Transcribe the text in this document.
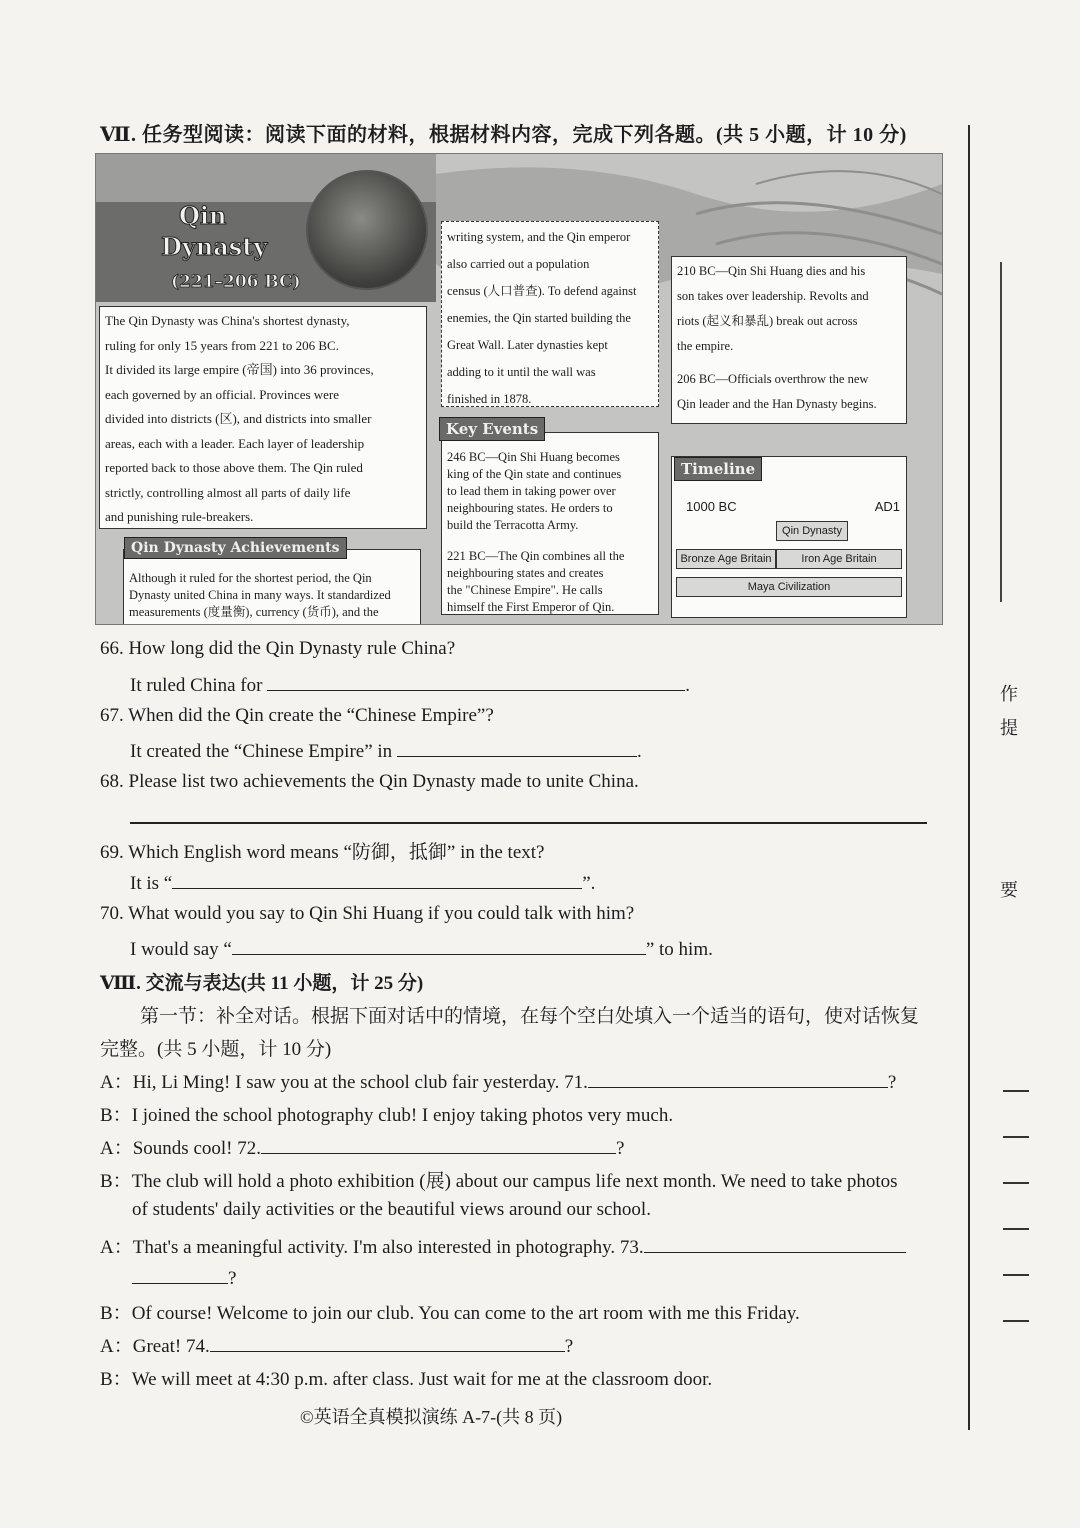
Ⅶ. 任务型阅读：阅读下面的材料，根据材料内容，完成下列各题。(共 5 小题，计 10 分)
Qin
Dynasty
(221–206 BC)
The Qin Dynasty was China's shortest dynasty,
ruling for only 15 years from 221 to 206 BC.
It divided its large empire (帝国) into 36 provinces,
each governed by an official. Provinces were
divided into districts (区), and districts into smaller
areas, each with a leader. Each layer of leadership
reported back to those above them. The Qin ruled
strictly, controlling almost all parts of daily life
and punishing rule-breakers.
writing system, and the Qin emperor
also carried out a population
census (人口普查). To defend against
enemies, the Qin started building the
Great Wall. Later dynasties kept
adding to it until the wall was
finished in 1878.
210 BC—Qin Shi Huang dies and his
son takes over leadership. Revolts and
riots (起义和暴乱) break out across
the empire.
206 BC—Officials overthrow the new
Qin leader and the Han Dynasty begins.
246 BC—Qin Shi Huang becomes
king of the Qin state and continues
to lead them in taking power over
neighbouring states. He orders to
build the Terracotta Army.
221 BC—The Qin combines all the
neighbouring states and creates
the "Chinese Empire". He calls
himself the First Emperor of Qin.
Key Events
Although it ruled for the shortest period, the Qin
Dynasty united China in many ways. It standardized
measurements (度量衡), currency (货币), and the
Qin Dynasty Achievements
1000 BC	AD1
Qin Dynasty
Bronze Age Britain	Iron Age Britain
Maya Civilization
Timeline
66. How long did the Qin Dynasty rule China?
It ruled China for	.
67. When did the Qin create the “Chinese Empire”?
It created the “Chinese Empire” in	.
68. Please list two achievements the Qin Dynasty made to unite China.
69. Which English word means “防御，抵御” in the text?
It is “	”.
70. What would you say to Qin Shi Huang if you could talk with him?
I would say “	” to him.
Ⅷ. 交流与表达(共 11 小题，计 25 分)
第一节：补全对话。根据下面对话中的情境，在每个空白处填入一个适当的语句，使对话恢复
完整。(共 5 小题，计 10 分)
A：Hi, Li Ming! I saw you at the school club fair yesterday. 71.	?
B：I joined the school photography club! I enjoy taking photos very much.
A：Sounds cool! 72.	?
B：The club will hold a photo exhibition (展) about our campus life next month. We need to take photos
of students' daily activities or the beautiful views around our school.
A：That's a meaningful activity. I'm also interested in photography. 73.
?
B：Of course! Welcome to join our club. You can come to the art room with me this Friday.
A：Great! 74.	?
B：We will meet at 4:30 p.m. after class. Just wait for me at the classroom door.
©英语全真模拟演练 A-7-(共 8 页)
作
提
要
